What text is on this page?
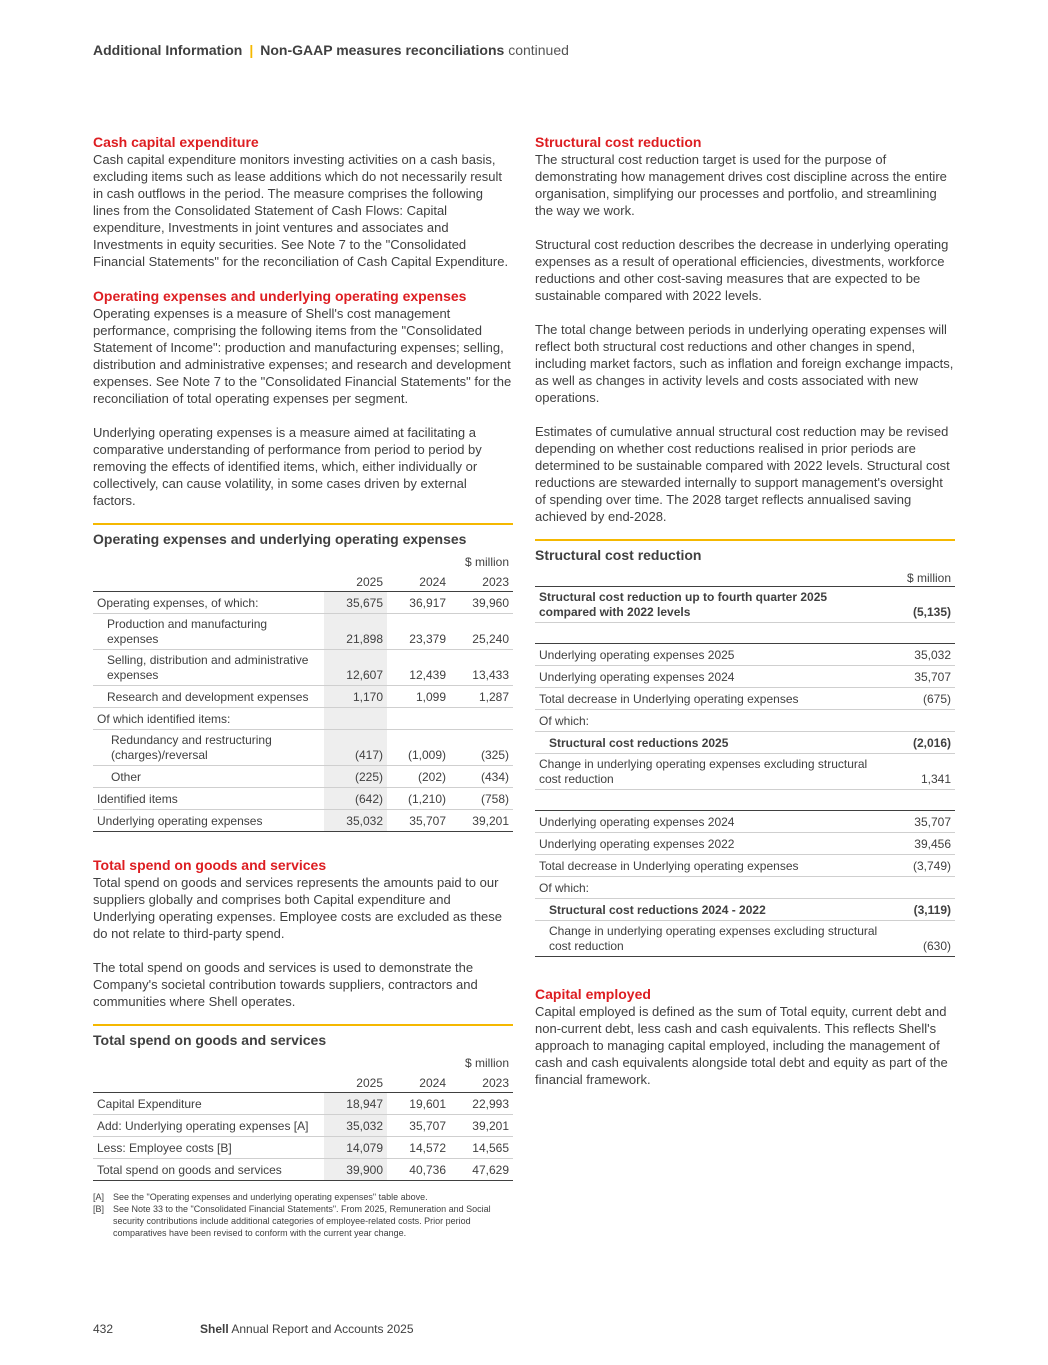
Additional Information | Non-GAAP measures reconciliations continued
Cash capital expenditure

Cash capital expenditure monitors investing activities on a cash basis, excluding items such as lease additions which do not necessarily result in cash outflows in the period. The measure comprises the following lines from the Consolidated Statement of Cash Flows: Capital expenditure, Investments in joint ventures and associates and Investments in equity securities. See Note 7 to the "Consolidated Financial Statements" for the reconciliation of Cash Capital Expenditure.

Operating expenses and underlying operating expenses

Operating expenses is a measure of Shell's cost management performance, comprising the following items from the "Consolidated Statement of Income": production and manufacturing expenses; selling, distribution and administrative expenses; and research and development expenses. See Note 7 to the "Consolidated Financial Statements" for the reconciliation of total operating expenses per segment.

Underlying operating expenses is a measure aimed at facilitating a comparative understanding of performance from period to period by removing the effects of identified items, which, either individually or collectively, can cause volatility, in some cases driven by external factors.

Operating expenses and underlying operating expenses
			$ million
	2025	2024	2023
Operating expenses, of which:	35,675	36,917	39,960
Production and manufacturing expenses	21,898	23,379	25,240
Selling, distribution and administrative expenses	12,607	12,439	13,433
Research and development expenses	1,170	1,099	1,287
Of which identified items:			
Redundancy and restructuring (charges)/reversal	(417)	(1,009)	(325)
Other	(225)	(202)	(434)
Identified items	(642)	(1,210)	(758)
Underlying operating expenses	35,032	35,707	39,201
Total spend on goods and services

Total spend on goods and services represents the amounts paid to our suppliers globally and comprises both Capital expenditure and Underlying operating expenses. Employee costs are excluded as these do not relate to third-party spend.

The total spend on goods and services is used to demonstrate the Company's societal contribution towards suppliers, contractors and communities where Shell operates.

Total spend on goods and services
			$ million
	2025	2024	2023
Capital Expenditure	18,947	19,601	22,993
Add: Underlying operating expenses [A]	35,032	35,707	39,201
Less: Employee costs [B]	14,079	14,572	14,565
Total spend on goods and services	39,900	40,736	47,629
[A] See the "Operating expenses and underlying operating expenses" table above.
[B] See Note 33 to the "Consolidated Financial Statements". From 2025, Remuneration and Social security contributions include additional categories of employee-related costs. Prior period comparatives have been revised to conform with the current year change.
Structural cost reduction

The structural cost reduction target is used for the purpose of demonstrating how management drives cost discipline across the entire organisation, simplifying our processes and portfolio, and streamlining the way we work.

Structural cost reduction describes the decrease in underlying operating expenses as a result of operational efficiencies, divestments, workforce reductions and other cost-saving measures that are expected to be sustainable compared with 2022 levels.

The total change between periods in underlying operating expenses will reflect both structural cost reductions and other changes in spend, including market factors, such as inflation and foreign exchange impacts, as well as changes in activity levels and costs associated with new operations.

Estimates of cumulative annual structural cost reduction may be revised depending on whether cost reductions realised in prior periods are determined to be sustainable compared with 2022 levels. Structural cost reductions are stewarded internally to support management's oversight of spending over time. The 2028 target reflects annualised saving achieved by end-2028.

Structural cost reduction
	$ million
Structural cost reduction up to fourth quarter 2025 compared with 2022 levels	(5,135)

Underlying operating expenses 2025	35,032
Underlying operating expenses 2024	35,707
Total decrease in Underlying operating expenses	(675)
Of which:	
Structural cost reductions 2025	(2,016)
Change in underlying operating expenses excluding structural cost reduction	1,341

Underlying operating expenses 2024	35,707
Underlying operating expenses 2022	39,456
Total decrease in Underlying operating expenses	(3,749)
Of which:	
Structural cost reductions 2024 - 2022	(3,119)
Change in underlying operating expenses excluding structural cost reduction	(630)
Capital employed

Capital employed is defined as the sum of Total equity, current debt and non-current debt, less cash and cash equivalents. This reflects Shell's approach to managing capital employed, including the management of cash and cash equivalents alongside total debt and equity as part of the financial framework.

432	Shell Annual Report and Accounts 2025
